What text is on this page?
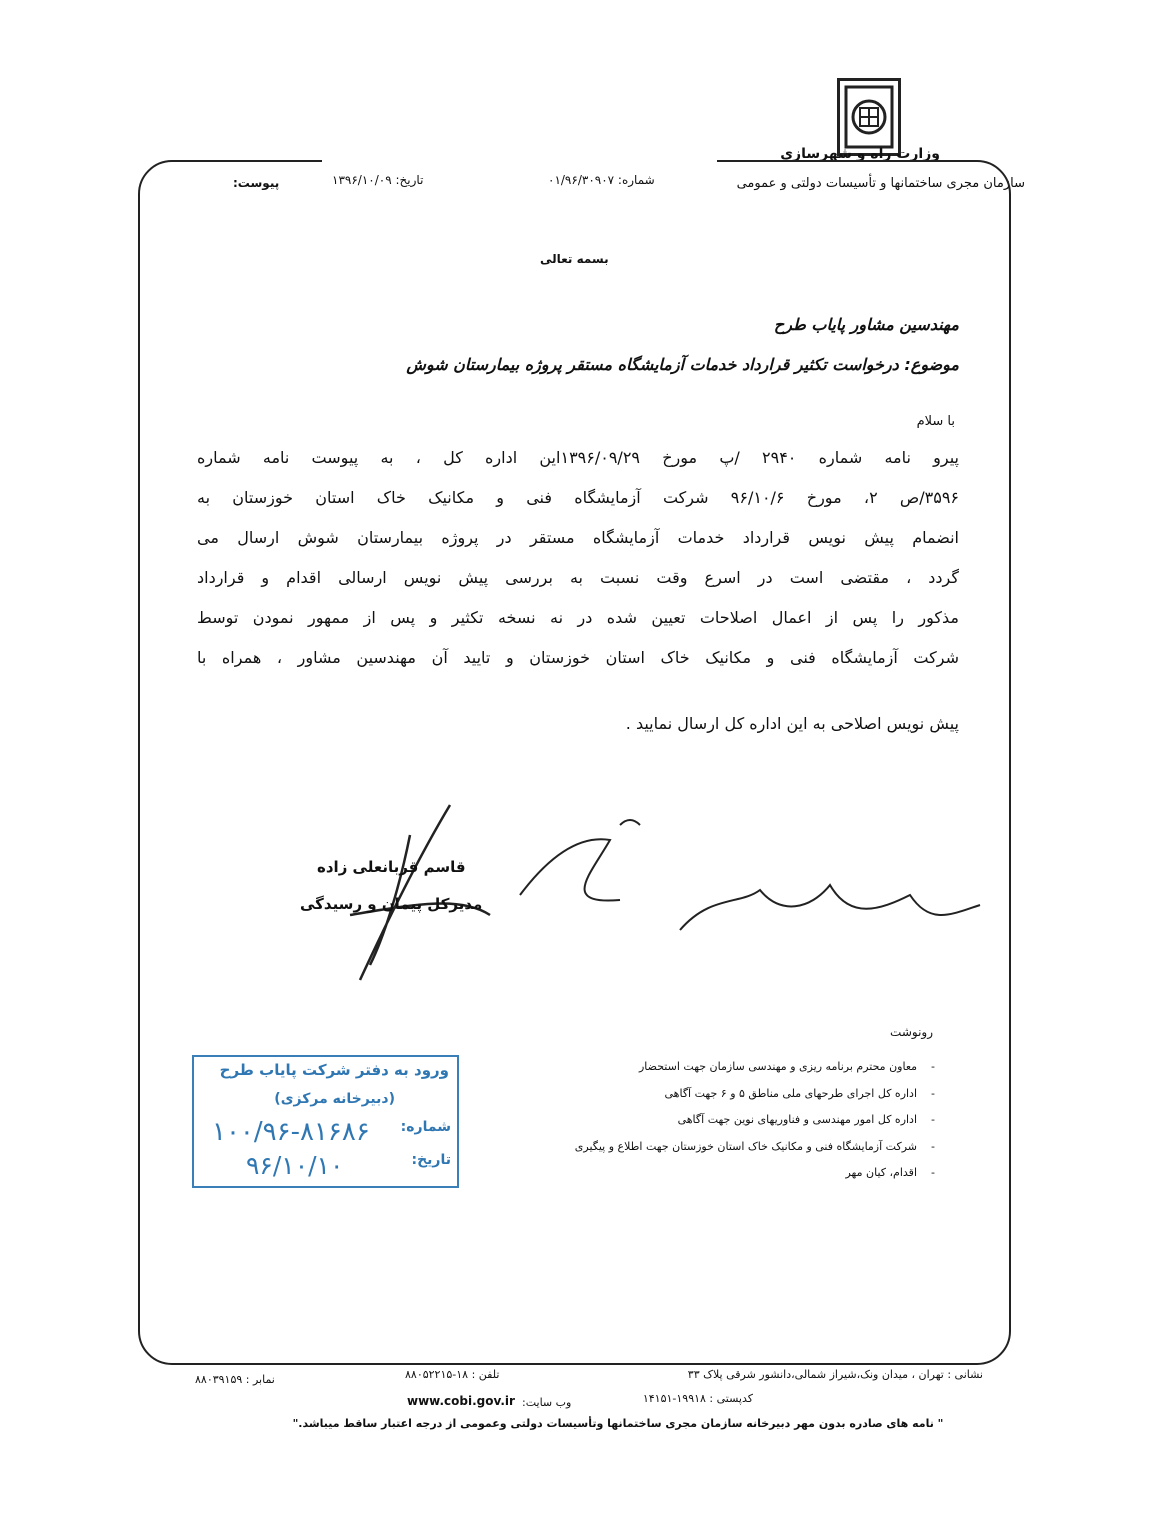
وزارت راه و شهرسازی
سازمان مجری ساختمانها و تأسیسات دولتی و عمومی
شماره: ۰۱/۹۶/۳۰۹۰۷
تاریخ: ۱۳۹۶/۱۰/۰۹
پیوست:
بسمه تعالی
مهندسین مشاور پایاب طرح
موضوع: درخواست تکثیر قرارداد خدمات آزمایشگاه مستقر پروژه بیمارستان شوش
با سلام
پیرو نامه شماره ۲۹۴۰ /پ مورخ ۱۳۹۶/۰۹/۲۹این اداره کل ، به پیوست نامه شماره
۳۵۹۶/ص ۲، مورخ ۹۶/۱۰/۶ شرکت آزمایشگاه فنی و مکانیک خاک استان خوزستان به
انضمام پیش نویس قرارداد خدمات آزمایشگاه مستقر در پروژه بیمارستان شوش ارسال می
گردد ، مقتضی است در اسرع وقت نسبت به بررسی پیش نویس ارسالی اقدام و قرارداد
مذکور را پس از اعمال اصلاحات تعیین شده در نه نسخه تکثیر و پس از ممهور نمودن توسط
شرکت آزمایشگاه فنی و مکانیک خاک استان خوزستان و تایید آن مهندسین مشاور ، همراه با
پیش نویس اصلاحی به این اداره کل ارسال نمایید .
قاسم قربانعلی زاده
مدیرکل پیمان و رسیدگی
رونوشت
-معاون محترم برنامه ریزی و مهندسی سازمان جهت استحضار
-اداره کل اجرای طرحهای ملی مناطق ۵ و ۶ جهت آگاهی
-اداره کل امور مهندسی و فناوریهای نوین جهت آگاهی
-شرکت آزمایشگاه فنی و مکانیک خاک استان خوزستان جهت اطلاع و پیگیری
-اقدام، کیان مهر
ورود به دفتر شرکت پایاب طرح
(دبیرخانه مرکزی)
شماره:
تاریخ:
۱۰۰/۹۶-۸۱۶۸۶
۹۶/۱۰/۱۰
نشانی : تهران ، میدان ونک،شیراز شمالی،دانشور شرقی پلاک ۳۳
کدپستی : ۱۹۹۱۸-۱۴۱۵۱
تلفن : ۱۸-۸۸۰۵۲۲۱۵
نمابر : ۸۸۰۳۹۱۵۹
وب سایت:
www.cobi.gov.ir
" نامه های صادره بدون مهر دبیرخانه سازمان مجری ساختمانها وتأسیسات دولتی وعمومی از درجه اعتبار ساقط میباشد."
